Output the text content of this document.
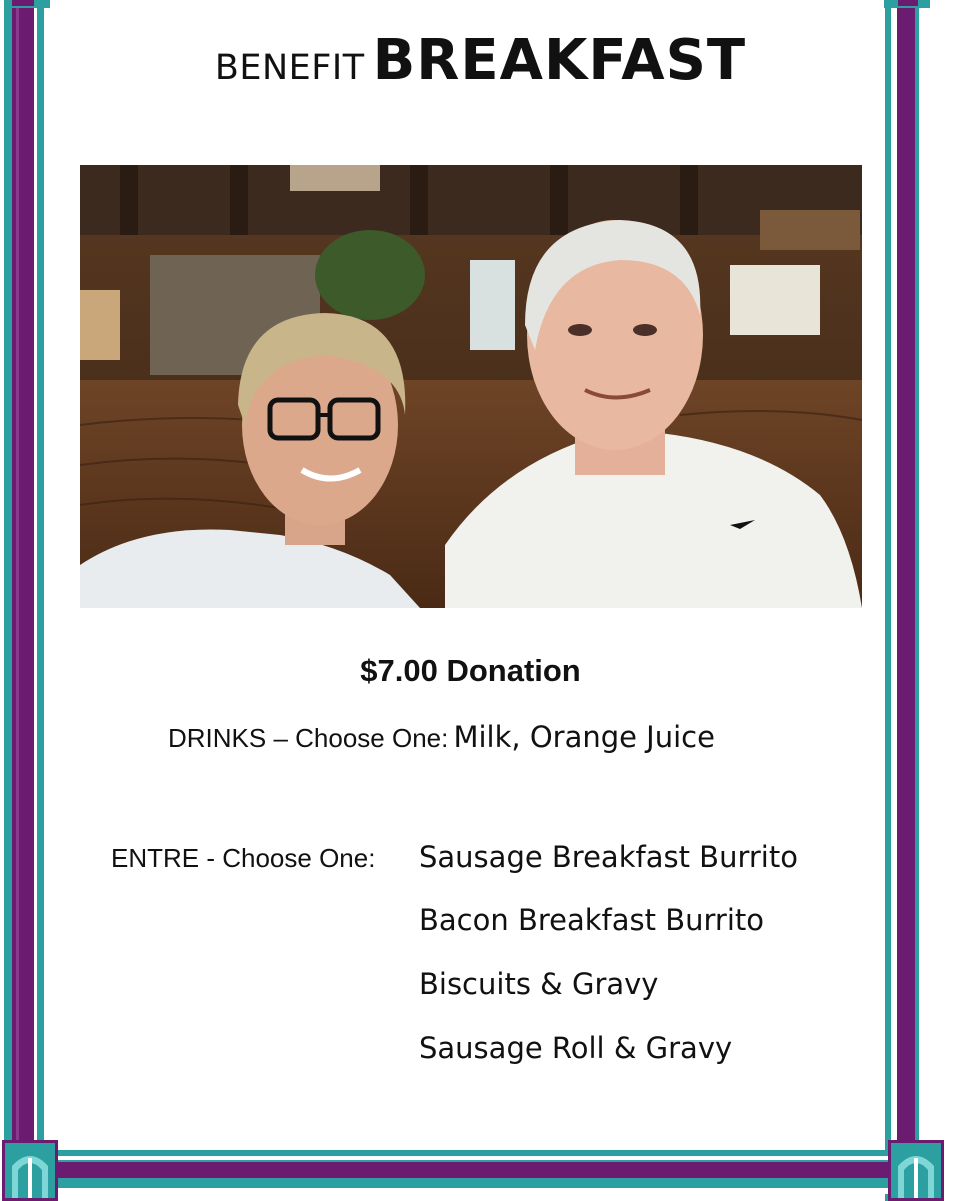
BENEFIT BREAKFAST
$7.00 Donation
DRINKS – Choose One: Milk, Orange Juice
ENTRE - Choose One: Sausage Breakfast Burrito
Bacon Breakfast Burrito
Biscuits & Gravy
Sausage Roll & Gravy
